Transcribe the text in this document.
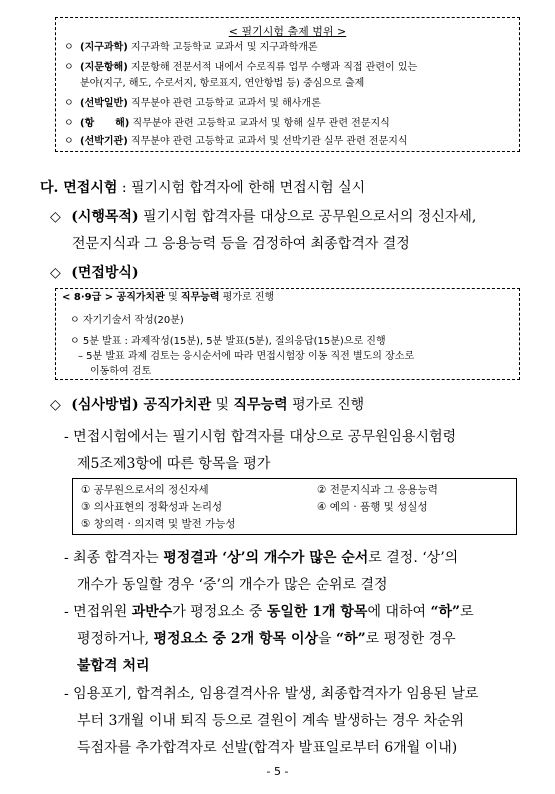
< 필기시험 출제 범위 >
ㅇ (지구과학) 지구과학 고등학교 교과서 및 지구과학개론
ㅇ (지문항해) 지문항해 전문서적 내에서 수로직류 업무 수행과 직접 관련이 있는
분야(지구, 해도, 수로서지, 항로표지, 연안항법 등) 중심으로 출제
ㅇ (선박일반) 직무분야 관련 고등학교 교과서 및 해사개론
ㅇ (항      해) 직무분야 관련 고등학교 교과서 및 항해 실무 관련 전문지식
ㅇ (선박기관) 직무분야 관련 고등학교 교과서 및 선박기관 실무 관련 전문지식
다. 면접시험 : 필기시험 합격자에 한해 면접시험 실시
◇ (시행목적) 필기시험 합격자를 대상으로 공무원으로서의 정신자세,
전문지식과 그 응용능력 등을 검정하여 최종합격자 결정
◇ (면접방식)
< 8·9급 > 공직가치관 및 직무능력 평가로 진행
ㅇ 자기기술서 작성(20분)
ㅇ 5분 발표 : 과제작성(15분), 5분 발표(5분), 질의응답(15분)으로 진행
– 5분 발표 과제 검토는 응시순서에 따라 면접시험장 이동 직전 별도의 장소로
이동하여 검토
◇ (심사방법) 공직가치관 및 직무능력 평가로 진행
- 면접시험에서는 필기시험 합격자를 대상으로 공무원임용시험령
제5조제3항에 따른 항목을 평가
① 공무원으로서의 정신자세	② 전문지식과 그 응용능력
③ 의사표현의 정확성과 논리성	④ 예의 · 품행 및 성실성
⑤ 창의력 · 의지력 및 발전 가능성
- 최종 합격자는 평정결과 ‘상’의 개수가 많은 순서로 결정. ‘상’의
개수가 동일할 경우 ‘중’의 개수가 많은 순위로 결정
- 면접위원 과반수가 평정요소 중 동일한 1개 항목에 대하여 “하”로
평정하거나, 평정요소 중 2개 항목 이상을 “하”로 평정한 경우
불합격 처리
- 임용포기, 합격취소, 임용결격사유 발생, 최종합격자가 임용된 날로
부터 3개월 이내 퇴직 등으로 결원이 계속 발생하는 경우 차순위
득점자를 추가합격자로 선발(합격자 발표일로부터 6개월 이내)
- 5 -
